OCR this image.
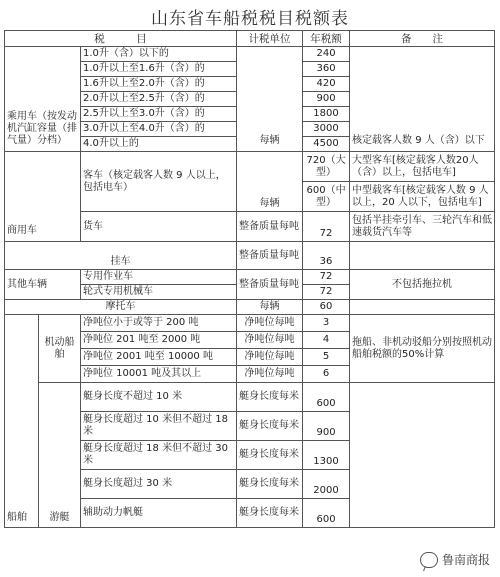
山东省车船税税目税额表
税　　　目			计税单位	年税额	备　　注
乘用车（按发动机汽缸容量（排气量）分档）		1.0升（含）以下的	每辆	240	核定载客人数 9 人（含）以下
		1.0升以上至1.6升（含）的		360	
		1.6升以上至2.0升（含）的		420	
		2.0升以上至2.5升（含）的		900	
		2.5升以上至3.0升（含）的		1800	
		3.0升以上至4.0升（含）的		3000	
		4.0升以上的		4500	
商用车		客车（核定载客人数 9 人以上，包括电车）	每辆	720（大型）	大型客车[核定载客人数20人（含）以上，包括电车]
				600（中型）	中型载客车[核定载客人数 9 人以上，20 人以下，包括电车]
		货车	整备质量每吨	72	包括半挂牵引车、三轮汽车和低速载货汽车等
挂车			整备质量每吨	36	
其他车辆		专用作业车	整备质量每吨	72	不包括拖拉机
		轮式专用机械车		72	
摩托车			每辆	60	
船舶	机动船舶	净吨位小于或等于 200 吨	净吨位每吨	3	拖船、非机动驳船分别按照机动船舶税额的50%计算
		净吨位 201 吨至 2000 吨	净吨位每吨	4	
		净吨位 2001 吨至 10000 吨	净吨位每吨	5	
		净吨位 10001 吨及其以上	净吨位每吨	6	
	游艇	艇身长度不超过 10 米	艇身长度每米	600	
		艇身长度超过 10 米但不超过 18 米	艇身长度每米	900	
		艇身长度超过 18 米但不超过 30 米	艇身长度每米	1300	
		艇身长度超过 30 米	艇身长度每米	2000	
		辅助动力帆艇	艇身长度每米	600	
鲁南商报
